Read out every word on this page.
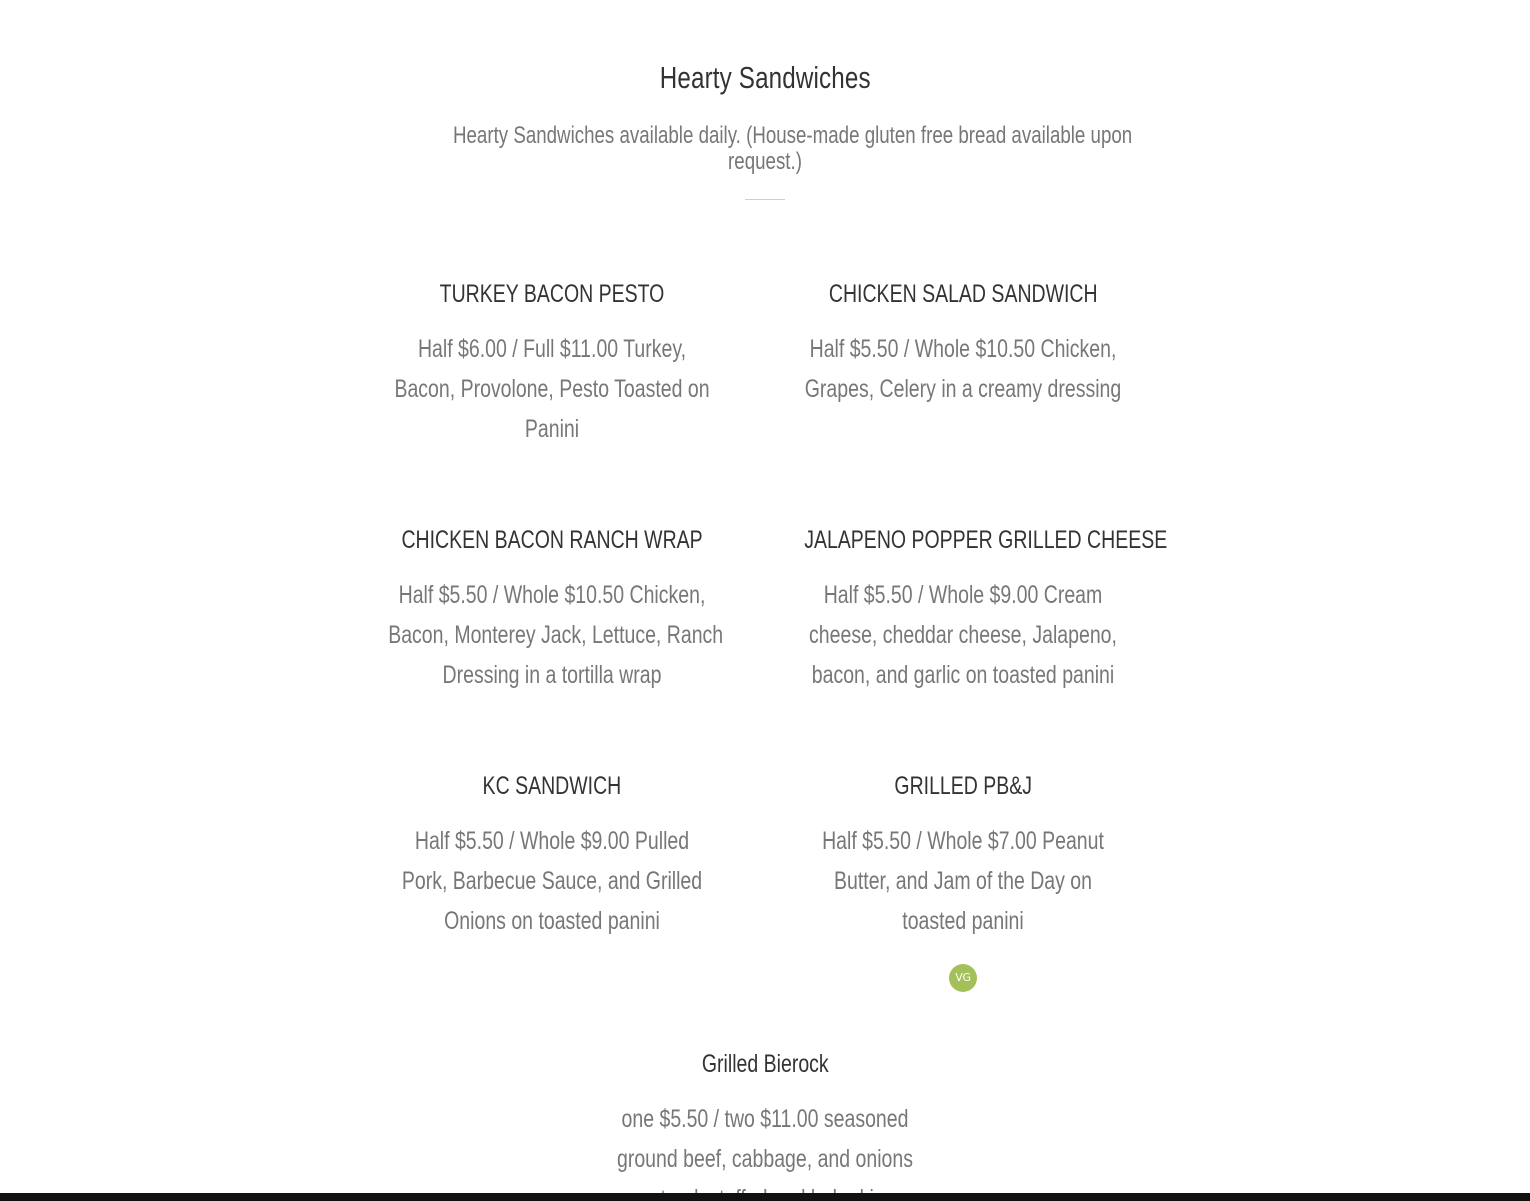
Hearty Sandwiches
Hearty Sandwiches available daily. (House-made gluten free bread available upon
request.)
TURKEY BACON PESTO
Half $6.00 / Full $11.00 Turkey,
Bacon, Provolone, Pesto Toasted on
Panini
CHICKEN SALAD SANDWICH
Half $5.50 / Whole $10.50 Chicken,
Grapes, Celery in a creamy dressing
CHICKEN BACON RANCH WRAP
Half $5.50 / Whole $10.50 Chicken,
Bacon, Monterey Jack, Lettuce, Ranch
Dressing in a tortilla wrap
JALAPENO POPPER GRILLED CHEESE
Half $5.50 / Whole $9.00 Cream
cheese, cheddar cheese, Jalapeno,
bacon, and garlic on toasted panini
KC SANDWICH
Half $5.50 / Whole $9.00 Pulled
Pork, Barbecue Sauce, and Grilled
Onions on toasted panini
GRILLED PB&J
Half $5.50 / Whole $7.00 Peanut
Butter, and Jam of the Day on
toasted panini
VG
Grilled Bierock
one $5.50 / two $11.00 seasoned
ground beef, cabbage, and onions
